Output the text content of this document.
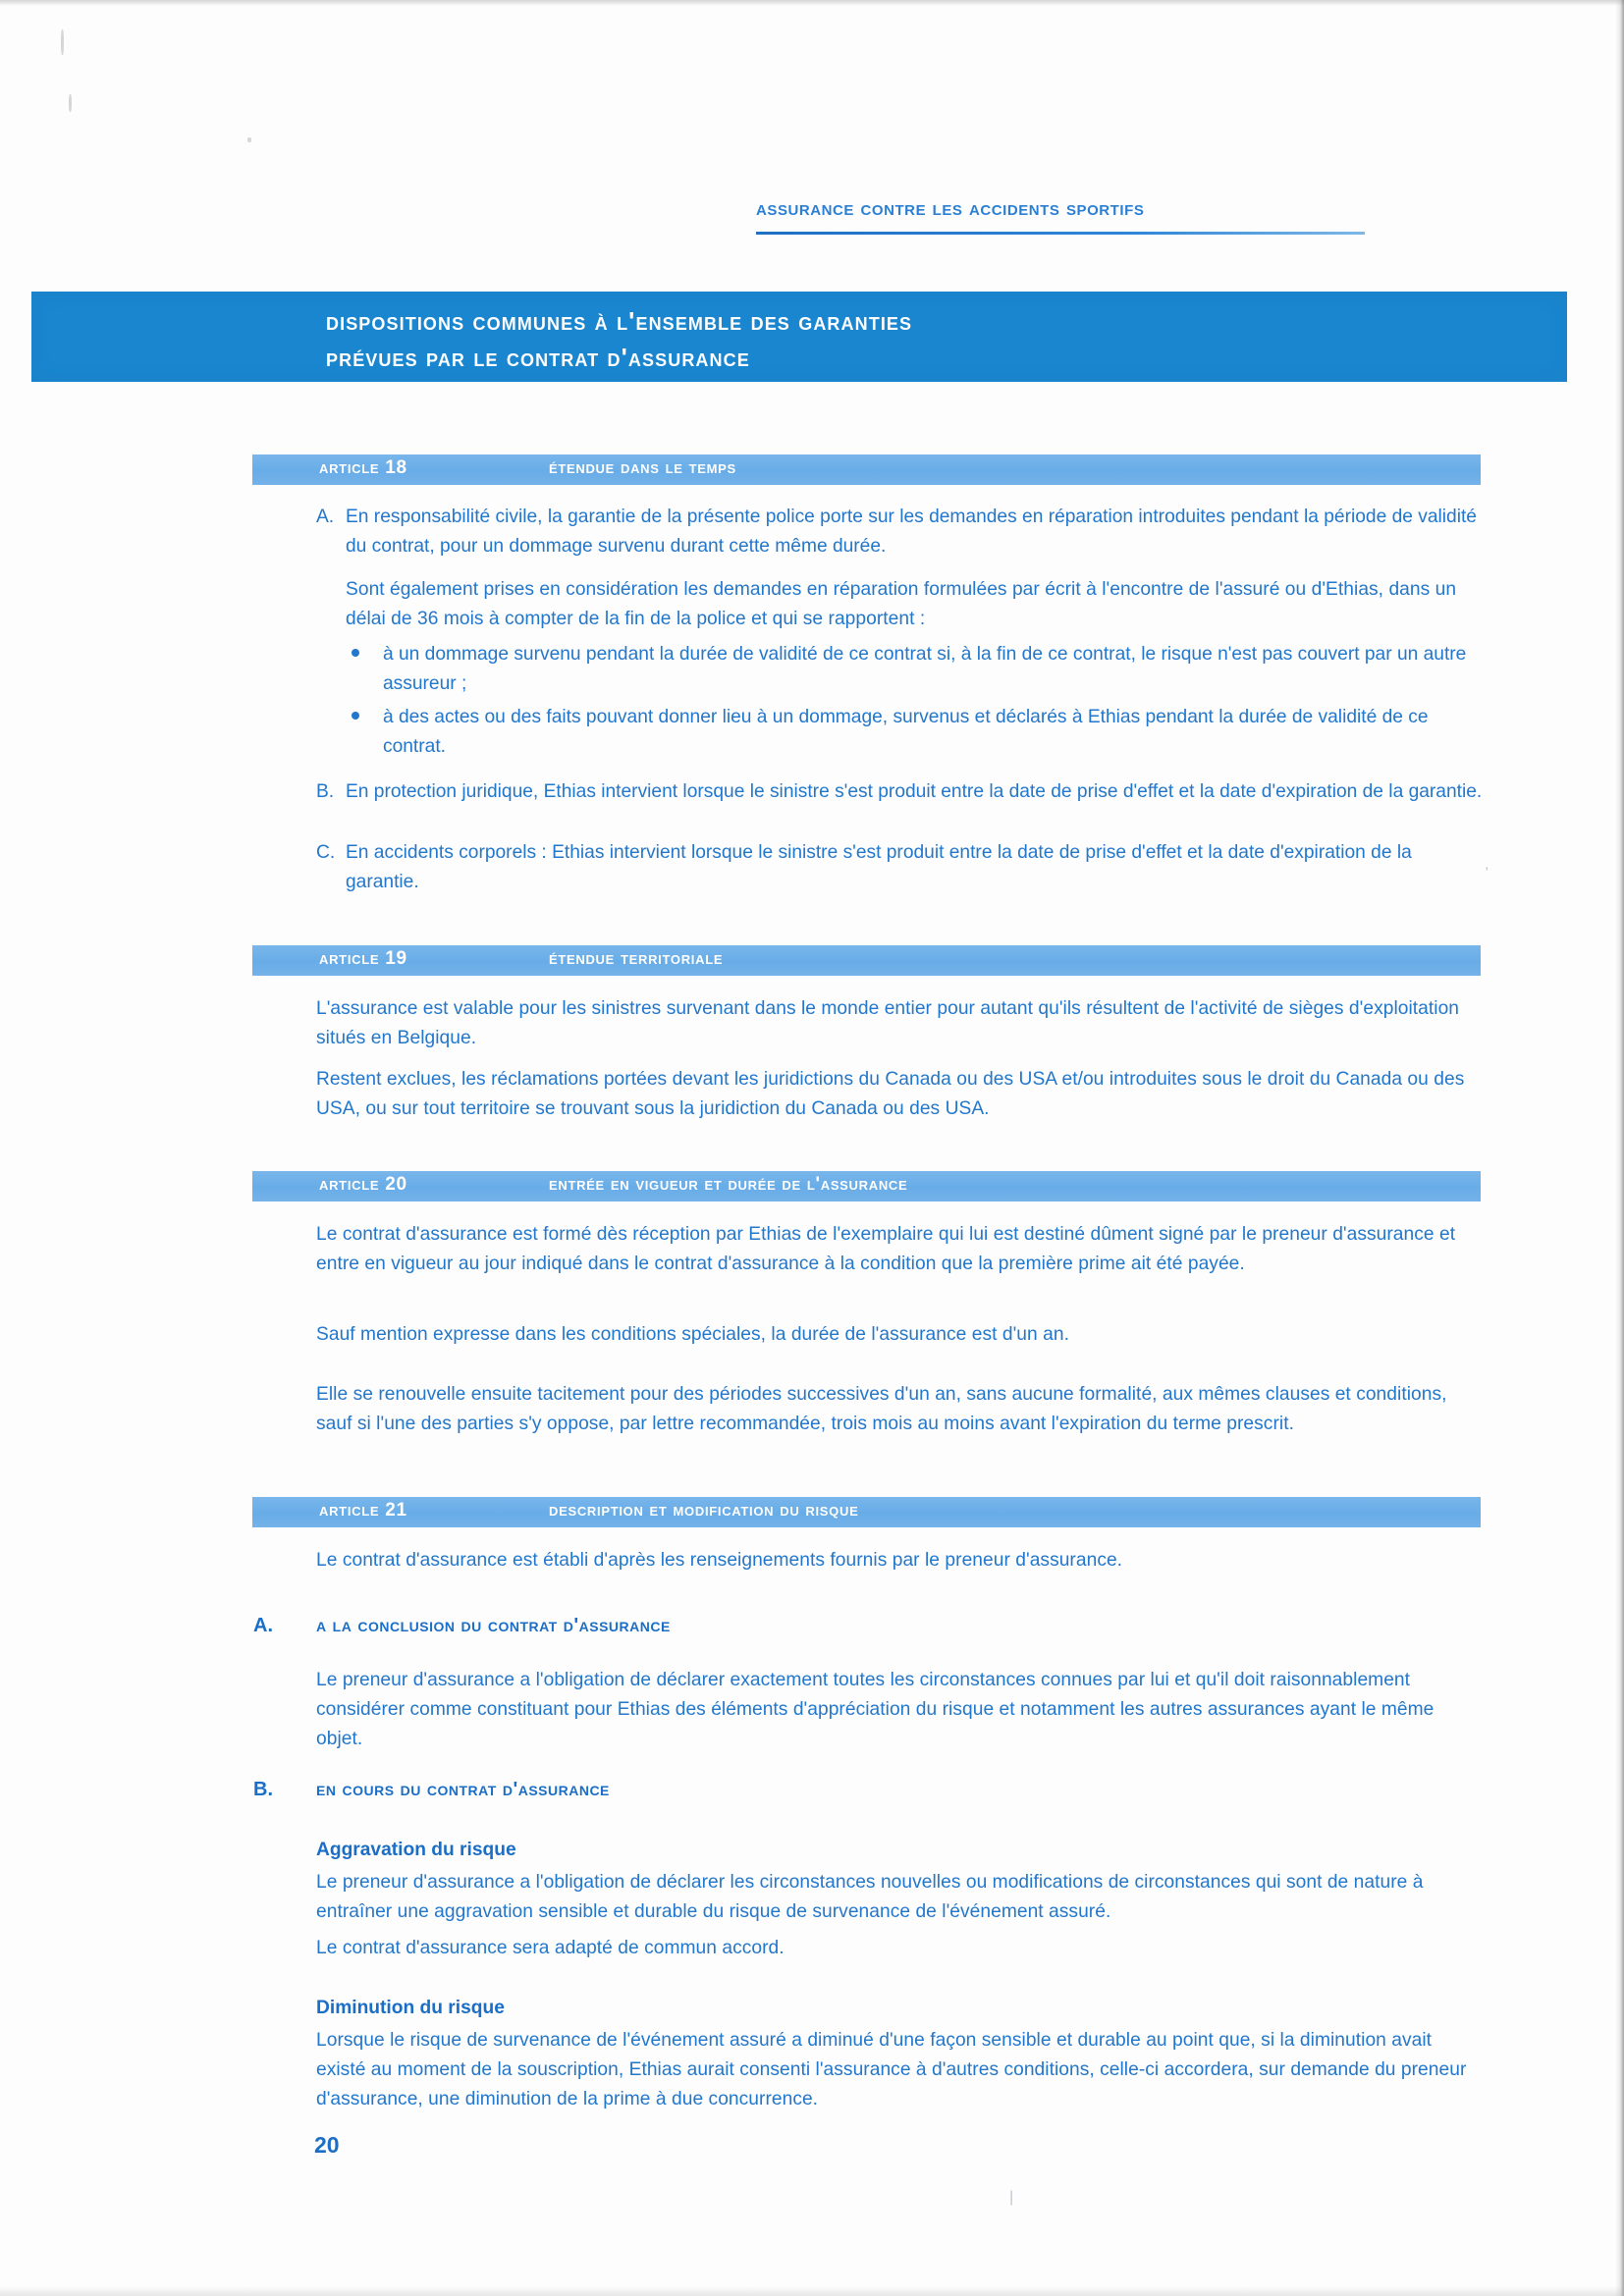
assurance contre les accidents sportifs
dispositions communes à l'ensemble des garanties
prévues par le contrat d'assurance
article 18	étendue dans le temps
A. En responsabilité civile, la garantie de la présente police porte sur les demandes en réparation introduites pendant la période de validité du contrat, pour un dommage survenu durant cette même durée.
Sont également prises en considération les demandes en réparation formulées par écrit à l'encontre de l'assuré ou d'Ethias, dans un délai de 36 mois à compter de la fin de la police et qui se rapportent :
à un dommage survenu pendant la durée de validité de ce contrat si, à la fin de ce contrat, le risque n'est pas couvert par un autre assureur ;
à des actes ou des faits pouvant donner lieu à un dommage, survenus et déclarés à Ethias pendant la durée de validité de ce contrat.
B. En protection juridique, Ethias intervient lorsque le sinistre s'est produit entre la date de prise d'effet et la date d'expiration de la garantie.
C. En accidents corporels : Ethias intervient lorsque le sinistre s'est produit entre la date de prise d'effet et la date d'expiration de la garantie.
,
article 19	étendue territoriale
L'assurance est valable pour les sinistres survenant dans le monde entier pour autant qu'ils résultent de l'activité de sièges d'exploitation situés en Belgique.
Restent exclues, les réclamations portées devant les juridictions du Canada ou des USA et/ou introduites sous le droit du Canada ou des USA, ou sur tout territoire se trouvant sous la juridiction du Canada ou des USA.
article 20	entrée en vigueur et durée de l'assurance
Le contrat d'assurance est formé dès réception par Ethias de l'exemplaire qui lui est destiné dûment signé par le preneur d'assurance et entre en vigueur au jour indiqué dans le contrat d'assurance à la condition que la première prime ait été payée.
Sauf mention expresse dans les conditions spéciales, la durée de l'assurance est d'un an.
Elle se renouvelle ensuite tacitement pour des périodes successives d'un an, sans aucune formalité, aux mêmes clauses et conditions, sauf si l'une des parties s'y oppose, par lettre recommandée, trois mois au moins avant l'expiration du terme prescrit.
article 21	description et modification du risque
Le contrat d'assurance est établi d'après les renseignements fournis par le preneur d'assurance.
A. a la conclusion du contrat d'assurance
Le preneur d'assurance a l'obligation de déclarer exactement toutes les circonstances connues par lui et qu'il doit raisonnablement considérer comme constituant pour Ethias des éléments d'appréciation du risque et notamment les autres assurances ayant le même objet.
B. en cours du contrat d'assurance
Aggravation du risque
Le preneur d'assurance a l'obligation de déclarer les circonstances nouvelles ou modifications de circonstances qui sont de nature à entraîner une aggravation sensible et durable du risque de survenance de l'événement assuré.
Le contrat d'assurance sera adapté de commun accord.
Diminution du risque
Lorsque le risque de survenance de l'événement assuré a diminué d'une façon sensible et durable au point que, si la diminution avait existé au moment de la souscription, Ethias aurait consenti l'assurance à d'autres conditions, celle-ci accordera, sur demande du preneur d'assurance, une diminution de la prime à due concurrence.
20
|
